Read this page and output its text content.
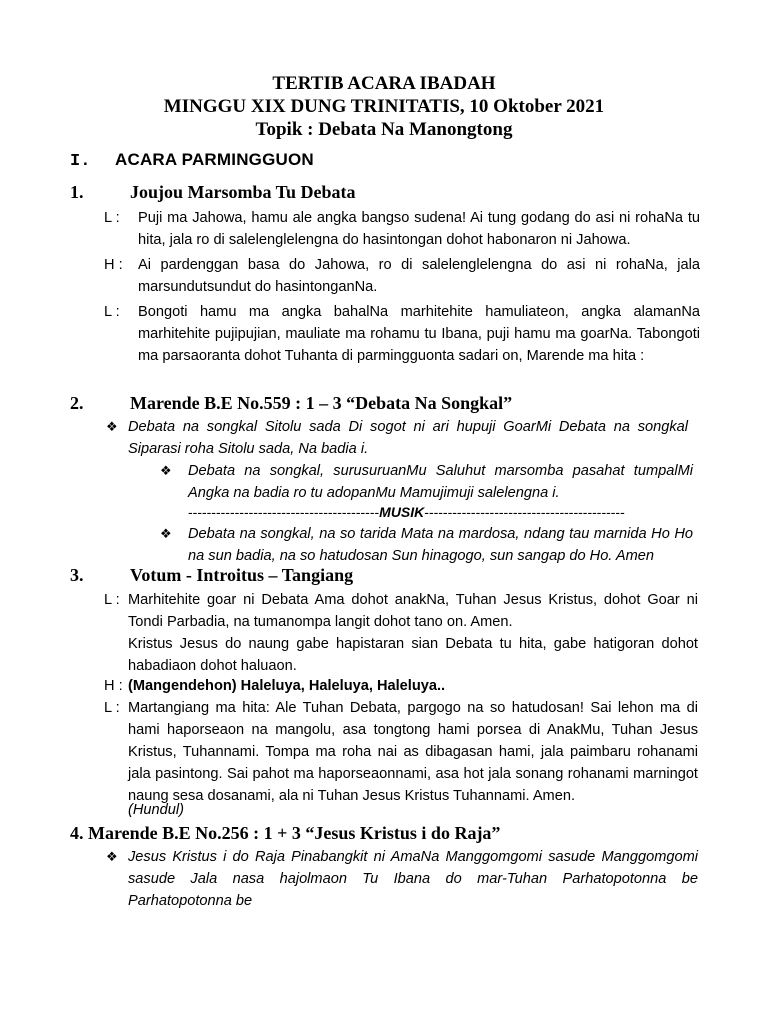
TERTIB ACARA IBADAH
MINGGU XIX DUNG TRINITATIS, 10 Oktober 2021
Topik : Debata Na Manongtong
I. ACARA PARMINGGUON
1.	Joujou Marsomba Tu Debata
L : Puji ma Jahowa, hamu ale angka bangso sudena! Ai tung godang do asi ni rohaNa tu hita, jala ro di salelenglelengna do hasintongan dohot habonaron ni Jahowa.
H : Ai pardenggan basa do Jahowa, ro di salelenglelengna do asi ni rohaNa, jala marsundutsundut do hasintonganNa.
L : Bongoti hamu ma angka bahalNa marhitehite hamuliateon, angka alamanNa marhitehite pujipujian, mauliate ma rohamu tu Ibana, puji hamu ma goarNa. Tabongoti ma parsaoranta dohot Tuhanta di parmingguonta sadari on, Marende ma hita :
2.	Marende B.E No.559 : 1 – 3 “Debata Na Songkal”
❖ Debata na songkal Sitolu sada Di sogot ni ari hupuji GoarMi Debata na songkal Siparasi roha Sitolu sada, Na badia i.
❖ Debata na songkal, surusuruanMu Saluhut marsomba pasahat tumpalMi Angka na badia ro tu adopanMu Mamujimuji salelengna i.
-----------------------------------------MUSIK-------------------------------------------
❖ Debata na songkal, na so tarida Mata na mardosa, ndang tau marnida Ho Ho na sun badia, na so hatudosan Sun hinagogo, sun sangap do Ho. Amen
3.	Votum - Introitus – Tangiang
L : Marhitehite goar ni Debata Ama dohot anakNa, Tuhan Jesus Kristus, dohot Goar ni Tondi Parbadia, na tumanompa langit dohot tano on. Amen.
Kristus Jesus do naung gabe hapistaran sian Debata tu hita, gabe hatigoran dohot habadiaon dohot haluaon.
H : (Mangendehon) Haleluya, Haleluya, Haleluya..
L : Martangiang ma hita: Ale Tuhan Debata, pargogo na so hatudosan! Sai lehon ma di hami haporseaon na mangolu, asa tongtong hami porsea di AnakMu, Tuhan Jesus Kristus, Tuhannami. Tompa ma roha nai as dibagasan hami, jala paimbaru rohanami jala pasintong. Sai pahot ma haporseaonnami, asa hot jala sonang rohanami marningot naung sesa dosanami, ala ni Tuhan Jesus Kristus Tuhannami. Amen.
(Hundul)
4. Marende B.E No.256 : 1 + 3 “Jesus Kristus i do Raja”
❖ Jesus Kristus i do Raja Pinabangkit ni AmaNa Manggomgomi sasude Manggomgomi sasude Jala nasa hajolmaon Tu Ibana do mar-Tuhan Parhatopotonna be Parhatopotonna be
